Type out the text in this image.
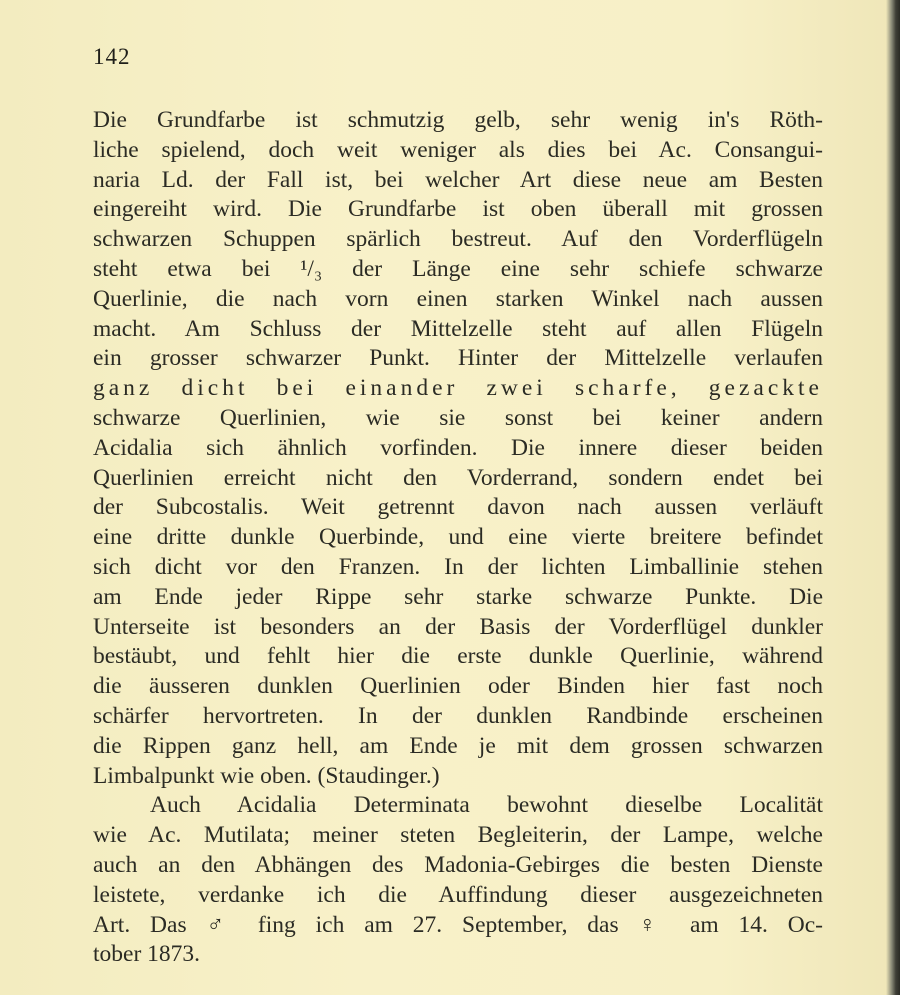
142
Die Grundfarbe ist schmutzig gelb, sehr wenig in's Röth-
liche spielend, doch weit weniger als dies bei Ac. Consangui-
naria Ld. der Fall ist, bei welcher Art diese neue am Besten
eingereiht wird. Die Grundfarbe ist oben überall mit grossen
schwarzen Schuppen spärlich bestreut. Auf den Vorderflügeln
steht etwa bei ¹/₃ der Länge eine sehr schiefe schwarze
Querlinie, die nach vorn einen starken Winkel nach aussen
macht. Am Schluss der Mittelzelle steht auf allen Flügeln
ein grosser schwarzer Punkt. Hinter der Mittelzelle verlaufen
ganz dicht bei einander zwei scharfe, gezackte
schwarze Querlinien, wie sie sonst bei keiner andern
Acidalia sich ähnlich vorfinden. Die innere dieser beiden
Querlinien erreicht nicht den Vorderrand, sondern endet bei
der Subcostalis. Weit getrennt davon nach aussen verläuft
eine dritte dunkle Querbinde, und eine vierte breitere befindet
sich dicht vor den Franzen. In der lichten Limballinie stehen
am Ende jeder Rippe sehr starke schwarze Punkte. Die
Unterseite ist besonders an der Basis der Vorderflügel dunkler
bestäubt, und fehlt hier die erste dunkle Querlinie, während
die äusseren dunklen Querlinien oder Binden hier fast noch
schärfer hervortreten. In der dunklen Randbinde erscheinen
die Rippen ganz hell, am Ende je mit dem grossen schwarzen
Limbalpunkt wie oben. (Staudinger.)
Auch Acidalia Determinata bewohnt dieselbe Localität
wie Ac. Mutilata; meiner steten Begleiterin, der Lampe, welche
auch an den Abhängen des Madonia-Gebirges die besten Dienste
leistete, verdanke ich die Auffindung dieser ausgezeichneten
Art. Das ♂ fing ich am 27. September, das ♀ am 14. Oc-
tober 1873.
